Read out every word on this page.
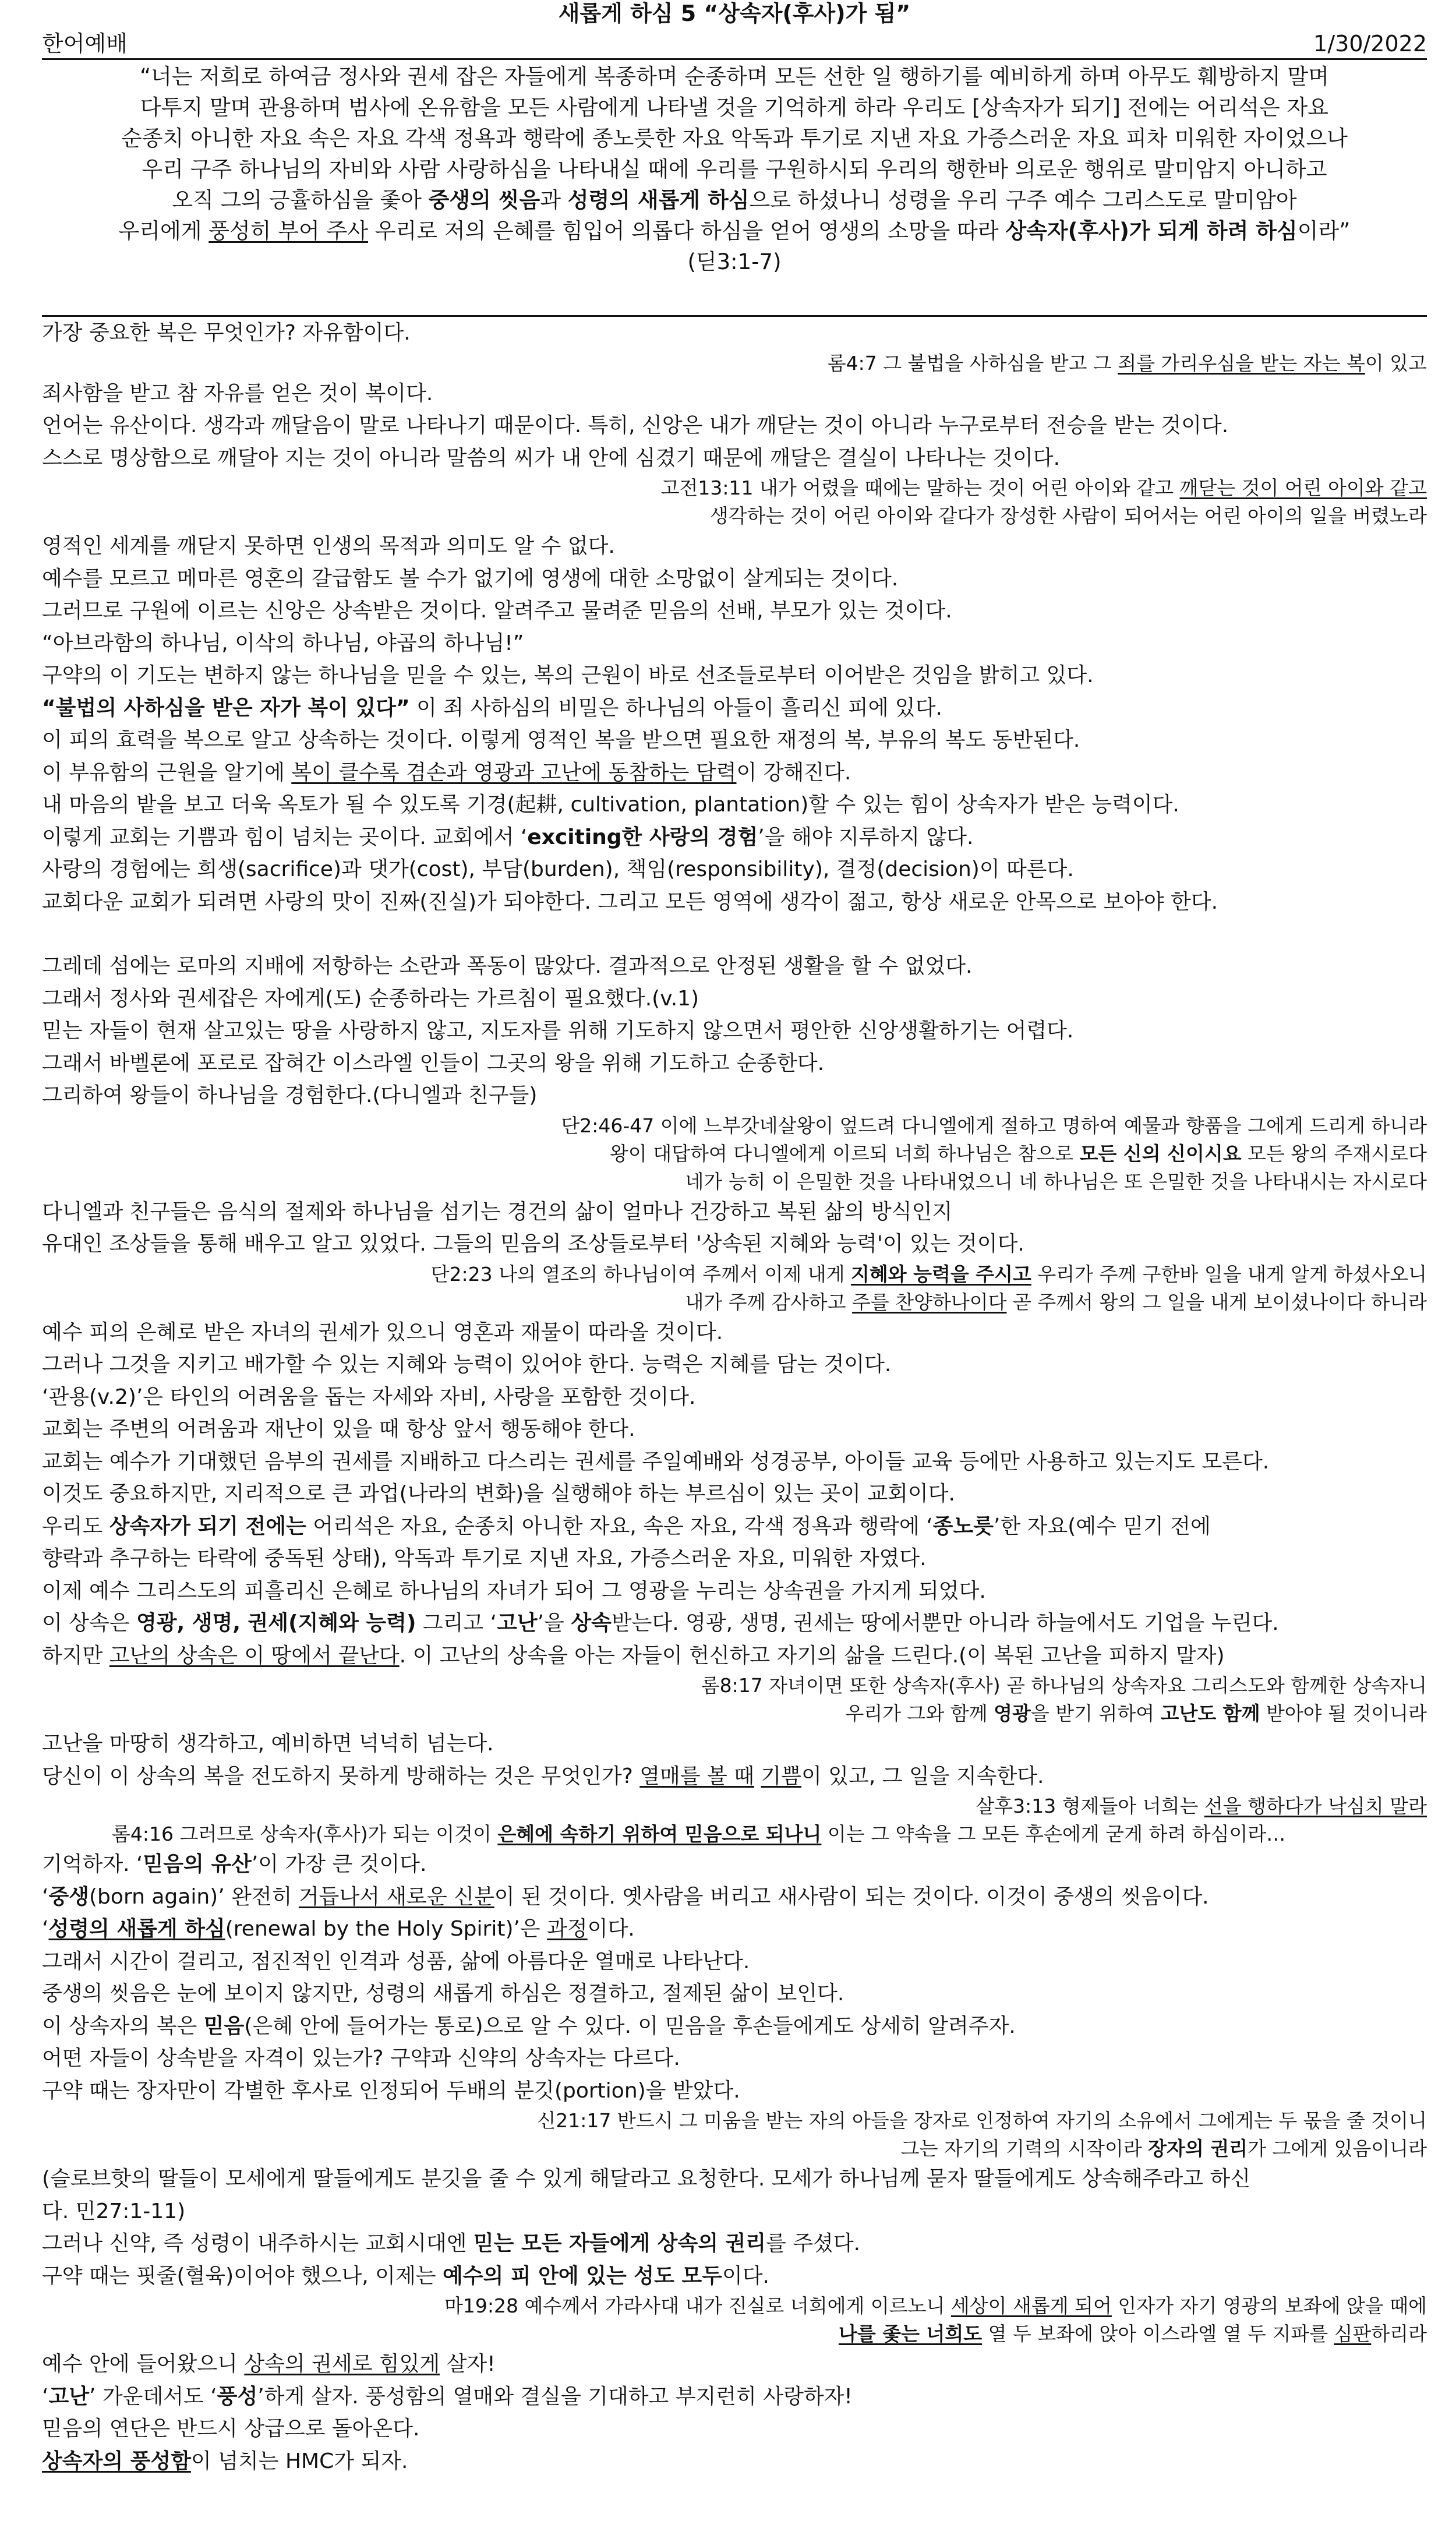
새롭게 하심 5 “상속자(후사)가 됨”
한어예배	1/30/2022

“너는 저희로 하여금 정사와 권세 잡은 자들에게 복종하며 순종하며 모든 선한 일 행하기를 예비하게 하며 아무도 훼방하지 말며

다투지 말며 관용하며 범사에 온유함을 모든 사람에게 나타낼 것을 기억하게 하라 우리도 [상속자가 되기] 전에는 어리석은 자요

순종치 아니한 자요 속은 자요 각색 정욕과 행락에 종노릇한 자요 악독과 투기로 지낸 자요 가증스러운 자요 피차 미워한 자이었으나

우리 구주 하나님의 자비와 사람 사랑하심을 나타내실 때에 우리를 구원하시되 우리의 행한바 의로운 행위로 말미암지 아니하고

오직 그의 긍휼하심을 좇아 중생의 씻음과 성령의 새롭게 하심으로 하셨나니 성령을 우리 구주 예수 그리스도로 말미암아

우리에게 풍성히 부어 주사 우리로 저의 은혜를 힘입어 의롭다 하심을 얻어 영생의 소망을 따라 상속자(후사)가 되게 하려 하심이라”

(딛3:1-7)

가장 중요한 복은 무엇인가? 자유함이다.
롬4:7 그 불법을 사하심을 받고 그 죄를 가리우심을 받는 자는 복이 있고
죄사함을 받고 참 자유를 얻은 것이 복이다.
언어는 유산이다. 생각과 깨달음이 말로 나타나기 때문이다. 특히, 신앙은 내가 깨닫는 것이 아니라 누구로부터 전승을 받는 것이다.
스스로 명상함으로 깨달아 지는 것이 아니라 말씀의 씨가 내 안에 심겼기 때문에 깨달은 결실이 나타나는 것이다.
고전13:11 내가 어렸을 때에는 말하는 것이 어린 아이와 같고 깨닫는 것이 어린 아이와 같고
생각하는 것이 어린 아이와 같다가 장성한 사람이 되어서는 어린 아이의 일을 버렸노라
영적인 세계를 깨닫지 못하면 인생의 목적과 의미도 알 수 없다.
예수를 모르고 메마른 영혼의 갈급함도 볼 수가 없기에 영생에 대한 소망없이 살게되는 것이다.
그러므로 구원에 이르는 신앙은 상속받은 것이다. 알려주고 물려준 믿음의 선배, 부모가 있는 것이다.
“아브라함의 하나님, 이삭의 하나님, 야곱의 하나님!”
구약의 이 기도는 변하지 않는 하나님을 믿을 수 있는, 복의 근원이 바로 선조들로부터 이어받은 것임을 밝히고 있다.
“불법의 사하심을 받은 자가 복이 있다” 이 죄 사하심의 비밀은 하나님의 아들이 흘리신 피에 있다.
이 피의 효력을 복으로 알고 상속하는 것이다. 이렇게 영적인 복을 받으면 필요한 재정의 복, 부유의 복도 동반된다.
이 부유함의 근원을 알기에 복이 클수록 겸손과 영광과 고난에 동참하는 담력이 강해진다.
내 마음의 밭을 보고 더욱 옥토가 될 수 있도록 기경(起耕, cultivation, plantation)할 수 있는 힘이 상속자가 받은 능력이다.
이렇게 교회는 기쁨과 힘이 넘치는 곳이다. 교회에서 ‘exciting한 사랑의 경험’을 해야 지루하지 않다.
사랑의 경험에는 희생(sacrifice)과 댓가(cost), 부담(burden), 책임(responsibility), 결정(decision)이 따른다.
교회다운 교회가 되려면 사랑의 맛이 진짜(진실)가 되야한다. 그리고 모든 영역에 생각이 젊고, 항상 새로운 안목으로 보아야 한다.
그레데 섬에는 로마의 지배에 저항하는 소란과 폭동이 많았다. 결과적으로 안정된 생활을 할 수 없었다.
그래서 정사와 권세잡은 자에게(도) 순종하라는 가르침이 필요했다.(v.1)
믿는 자들이 현재 살고있는 땅을 사랑하지 않고, 지도자를 위해 기도하지 않으면서 평안한 신앙생활하기는 어렵다.
그래서 바벨론에 포로로 잡혀간 이스라엘 인들이 그곳의 왕을 위해 기도하고 순종한다.
그리하여 왕들이 하나님을 경험한다.(다니엘과 친구들)
단2:46-47 이에 느부갓네살왕이 엎드려 다니엘에게 절하고 명하여 예물과 향품을 그에게 드리게 하니라
왕이 대답하여 다니엘에게 이르되 너희 하나님은 참으로 모든 신의 신이시요 모든 왕의 주재시로다
네가 능히 이 은밀한 것을 나타내었으니 네 하나님은 또 은밀한 것을 나타내시는 자시로다
다니엘과 친구들은 음식의 절제와 하나님을 섬기는 경건의 삶이 얼마나 건강하고 복된 삶의 방식인지
유대인 조상들을 통해 배우고 알고 있었다. 그들의 믿음의 조상들로부터 '상속된 지혜와 능력'이 있는 것이다.
단2:23 나의 열조의 하나님이여 주께서 이제 내게 지혜와 능력을 주시고 우리가 주께 구한바 일을 내게 알게 하셨사오니
내가 주께 감사하고 주를 찬양하나이다 곧 주께서 왕의 그 일을 내게 보이셨나이다 하니라
예수 피의 은혜로 받은 자녀의 권세가 있으니 영혼과 재물이 따라올 것이다.
그러나 그것을 지키고 배가할 수 있는 지혜와 능력이 있어야 한다. 능력은 지혜를 담는 것이다.
‘관용(v.2)’은 타인의 어려움을 돕는 자세와 자비, 사랑을 포함한 것이다.
교회는 주변의 어려움과 재난이 있을 때 항상 앞서 행동해야 한다.
교회는 예수가 기대했던 음부의 권세를 지배하고 다스리는 권세를 주일예배와 성경공부, 아이들 교육 등에만 사용하고 있는지도 모른다.
이것도 중요하지만, 지리적으로 큰 과업(나라의 변화)을 실행해야 하는 부르심이 있는 곳이 교회이다.
우리도 상속자가 되기 전에는 어리석은 자요, 순종치 아니한 자요, 속은 자요, 각색 정욕과 행락에 ‘종노릇’한 자요(예수 믿기 전에
향락과 추구하는 타락에 중독된 상태), 악독과 투기로 지낸 자요, 가증스러운 자요, 미워한 자였다.
이제 예수 그리스도의 피흘리신 은혜로 하나님의 자녀가 되어 그 영광을 누리는 상속권을 가지게 되었다.
이 상속은 영광, 생명, 권세(지혜와 능력) 그리고 ‘고난’을 상속받는다. 영광, 생명, 권세는 땅에서뿐만 아니라 하늘에서도 기업을 누린다.
하지만 고난의 상속은 이 땅에서 끝난다. 이 고난의 상속을 아는 자들이 헌신하고 자기의 삶을 드린다.(이 복된 고난을 피하지 말자)
롬8:17 자녀이면 또한 상속자(후사) 곧 하나님의 상속자요 그리스도와 함께한 상속자니
우리가 그와 함께 영광을 받기 위하여 고난도 함께 받아야 될 것이니라
고난을 마땅히 생각하고, 예비하면 넉넉히 넘는다.
당신이 이 상속의 복을 전도하지 못하게 방해하는 것은 무엇인가? 열매를 볼 때 기쁨이 있고, 그 일을 지속한다.
살후3:13 형제들아 너희는 선을 행하다가 낙심치 말라
롬4:16 그러므로 상속자(후사)가 되는 이것이 은혜에 속하기 위하여 믿음으로 되나니 이는 그 약속을 그 모든 후손에게 굳게 하려 하심이라…
기억하자. ‘믿음의 유산’이 가장 큰 것이다.
‘중생(born again)’ 완전히 거듭나서 새로운 신분이 된 것이다. 옛사람을 버리고 새사람이 되는 것이다. 이것이 중생의 씻음이다.
‘성령의 새롭게 하심(renewal by the Holy Spirit)’은 과정이다.
그래서 시간이 걸리고, 점진적인 인격과 성품, 삶에 아름다운 열매로 나타난다.
중생의 씻음은 눈에 보이지 않지만, 성령의 새롭게 하심은 정결하고, 절제된 삶이 보인다.
이 상속자의 복은 믿음(은혜 안에 들어가는 통로)으로 알 수 있다. 이 믿음을 후손들에게도 상세히 알려주자.
어떤 자들이 상속받을 자격이 있는가? 구약과 신약의 상속자는 다르다.
구약 때는 장자만이 각별한 후사로 인정되어 두배의 분깃(portion)을 받았다.
신21:17 반드시 그 미움을 받는 자의 아들을 장자로 인정하여 자기의 소유에서 그에게는 두 몫을 줄 것이니
그는 자기의 기력의 시작이라 장자의 권리가 그에게 있음이니라
(슬로브핫의 딸들이 모세에게 딸들에게도 분깃을 줄 수 있게 해달라고 요청한다. 모세가 하나님께 묻자 딸들에게도 상속해주라고 하신
다. 민27:1-11)
그러나 신약, 즉 성령이 내주하시는 교회시대엔 믿는 모든 자들에게 상속의 권리를 주셨다.
구약 때는 핏줄(혈육)이어야 했으나, 이제는 예수의 피 안에 있는 성도 모두이다.
마19:28 예수께서 가라사대 내가 진실로 너희에게 이르노니 세상이 새롭게 되어 인자가 자기 영광의 보좌에 앉을 때에
나를 좇는 너희도 열 두 보좌에 앉아 이스라엘 열 두 지파를 심판하리라
예수 안에 들어왔으니 상속의 권세로 힘있게 살자!
‘고난’ 가운데서도 ‘풍성’하게 살자. 풍성함의 열매와 결실을 기대하고 부지런히 사랑하자!
믿음의 연단은 반드시 상급으로 돌아온다.
상속자의 풍성함이 넘치는 HMC가 되자.
